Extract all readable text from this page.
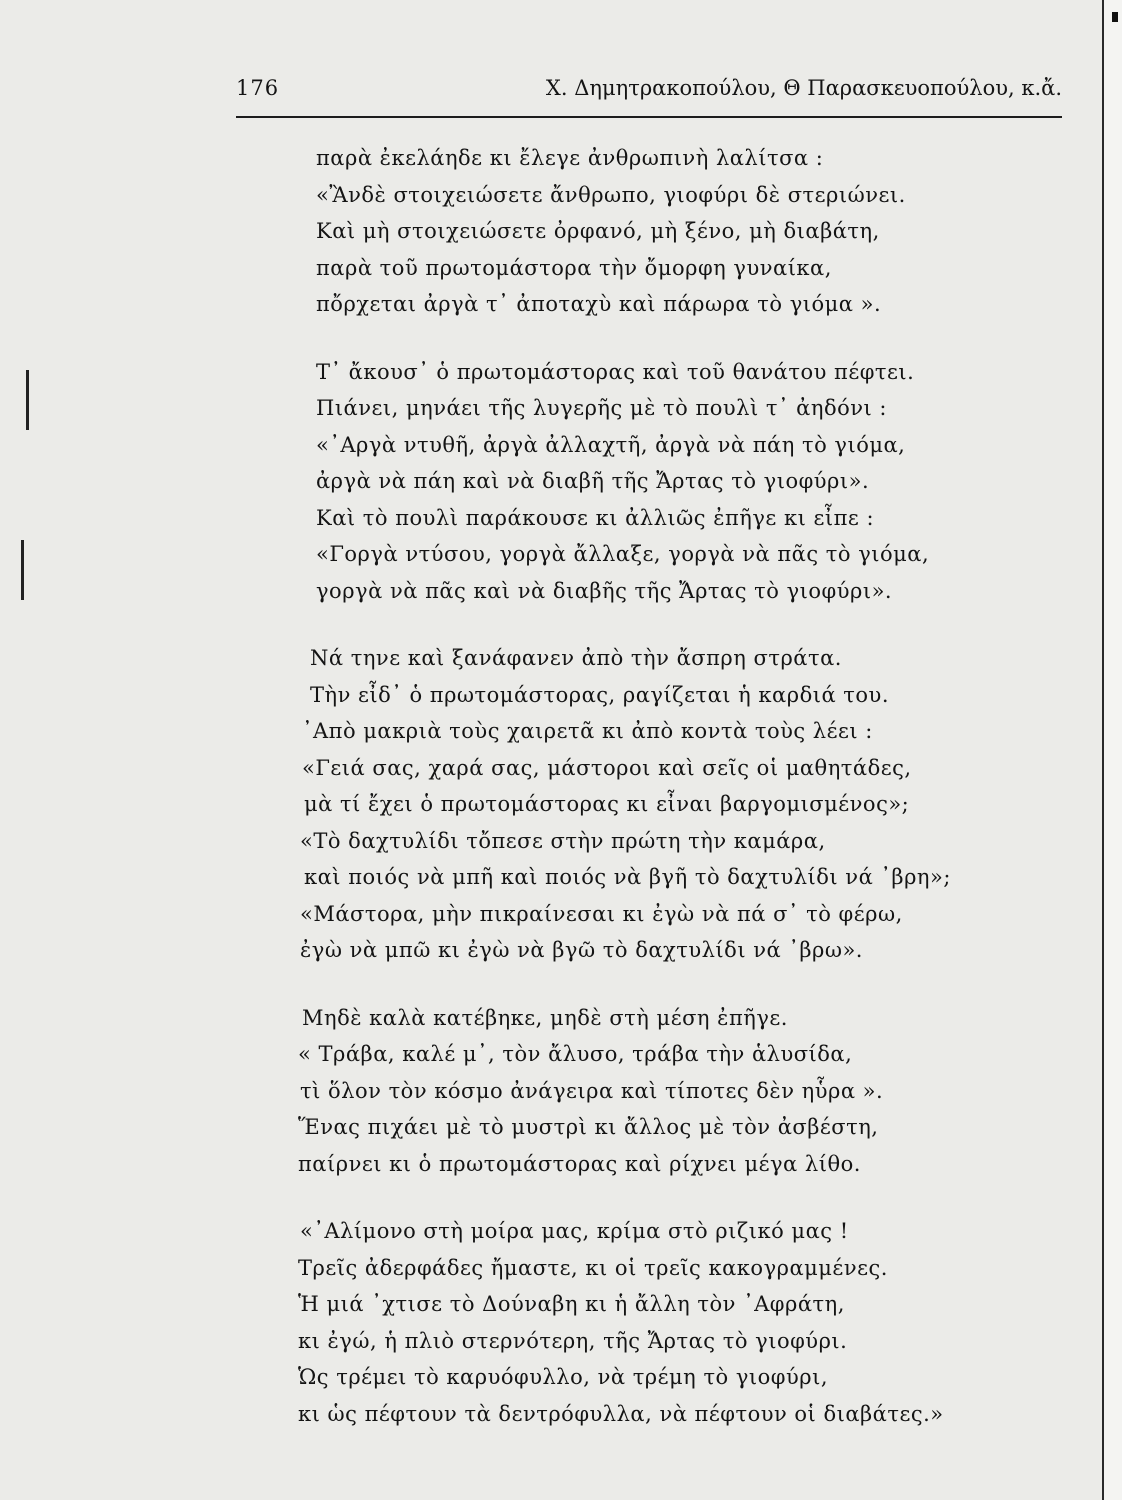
176	Χ. Δημητρακοπούλου, Θ Παρασκευοπούλου, κ.ἄ.
παρὰ ἐκελάηδε κι ἔλεγε ἀνθρωπινὴ λαλίτσα :
«Ἂνδὲ στοιχειώσετε ἄνθρωπο, γιοφύρι δὲ στεριώνει.
Καὶ μὴ στοιχειώσετε ὀρφανό, μὴ ξένο, μὴ διαβάτη,
παρὰ τοῦ πρωτομάστορα τὴν ὄμορφη γυναίκα,
πὄρχεται ἀργὰ τ᾽ ἀποταχὺ καὶ πάρωρα τὸ γιόμα ».
Τ᾽ ἄκουσ᾽ ὁ πρωτομάστορας καὶ τοῦ θανάτου πέφτει.
Πιάνει, μηνάει τῆς λυγερῆς μὲ τὸ πουλὶ τ᾽ ἀηδόνι :
«᾽Αργὰ ντυθῆ, ἀργὰ ἀλλαχτῆ, ἀργὰ νὰ πάη τὸ γιόμα,
ἀργὰ νὰ πάη καὶ νὰ διαβῆ τῆς Ἄρτας τὸ γιοφύρι».
Καὶ τὸ πουλὶ παράκουσε κι ἀλλιῶς ἐπῆγε κι εἶπε :
«Γοργὰ ντύσου, γοργὰ ἄλλαξε, γοργὰ νὰ πᾶς τὸ γιόμα,
γοργὰ νὰ πᾶς καὶ νὰ διαβῆς τῆς Ἄρτας τὸ γιοφύρι».
Νά τηνε καὶ ξανάφανεν ἀπὸ τὴν ἄσπρη στράτα.
Τὴν εἶδ᾽ ὁ πρωτομάστορας, ραγίζεται ἡ καρδιά του.
᾽Απὸ μακριὰ τοὺς χαιρετᾶ κι ἀπὸ κοντὰ τοὺς λέει :
«Γειά σας, χαρά σας, μάστοροι καὶ σεῖς οἱ μαθητάδες,
μὰ τί ἔχει ὁ πρωτομάστορας κι εἶναι βαργομισμένος»;
«Τὸ δαχτυλίδι τὄπεσε στὴν πρώτη τὴν καμάρα,
καὶ ποιός νὰ μπῆ καὶ ποιός νὰ βγῆ τὸ δαχτυλίδι νά ᾽βρη»;
«Μάστορα, μὴν πικραίνεσαι κι ἐγὼ νὰ πά σ᾽ τὸ φέρω,
ἐγὼ νὰ μπῶ κι ἐγὼ νὰ βγῶ τὸ δαχτυλίδι νά ᾽βρω».
Μηδὲ καλὰ κατέβηκε, μηδὲ στὴ μέση ἐπῆγε.
« Τράβα, καλέ μ᾽, τὸν ἄλυσο, τράβα τὴν ἁλυσίδα,
τὶ ὅλον τὸν κόσμο ἀνάγειρα καὶ τίποτες δὲν ηὗρα ».
Ἕνας πιχάει μὲ τὸ μυστρὶ κι ἄλλος μὲ τὸν ἀσβέστη,
παίρνει κι ὁ πρωτομάστορας καὶ ρίχνει μέγα λίθο.
«᾽Αλίμονο στὴ μοίρα μας, κρίμα στὸ ριζικό μας !
Τρεῖς ἀδερφάδες ἤμαστε, κι οἱ τρεῖς κακογραμμένες.
Ἡ μιά ᾽χτισε τὸ Δούναβη κι ἡ ἄλλη τὸν ᾽Αφράτη,
κι ἐγώ, ἡ πλιὸ στερνότερη, τῆς Ἄρτας τὸ γιοφύρι.
Ὡς τρέμει τὸ καρυόφυλλο, νὰ τρέμη τὸ γιοφύρι,
κι ὡς πέφτουν τὰ δεντρόφυλλα, νὰ πέφτουν οἱ διαβάτες.»
